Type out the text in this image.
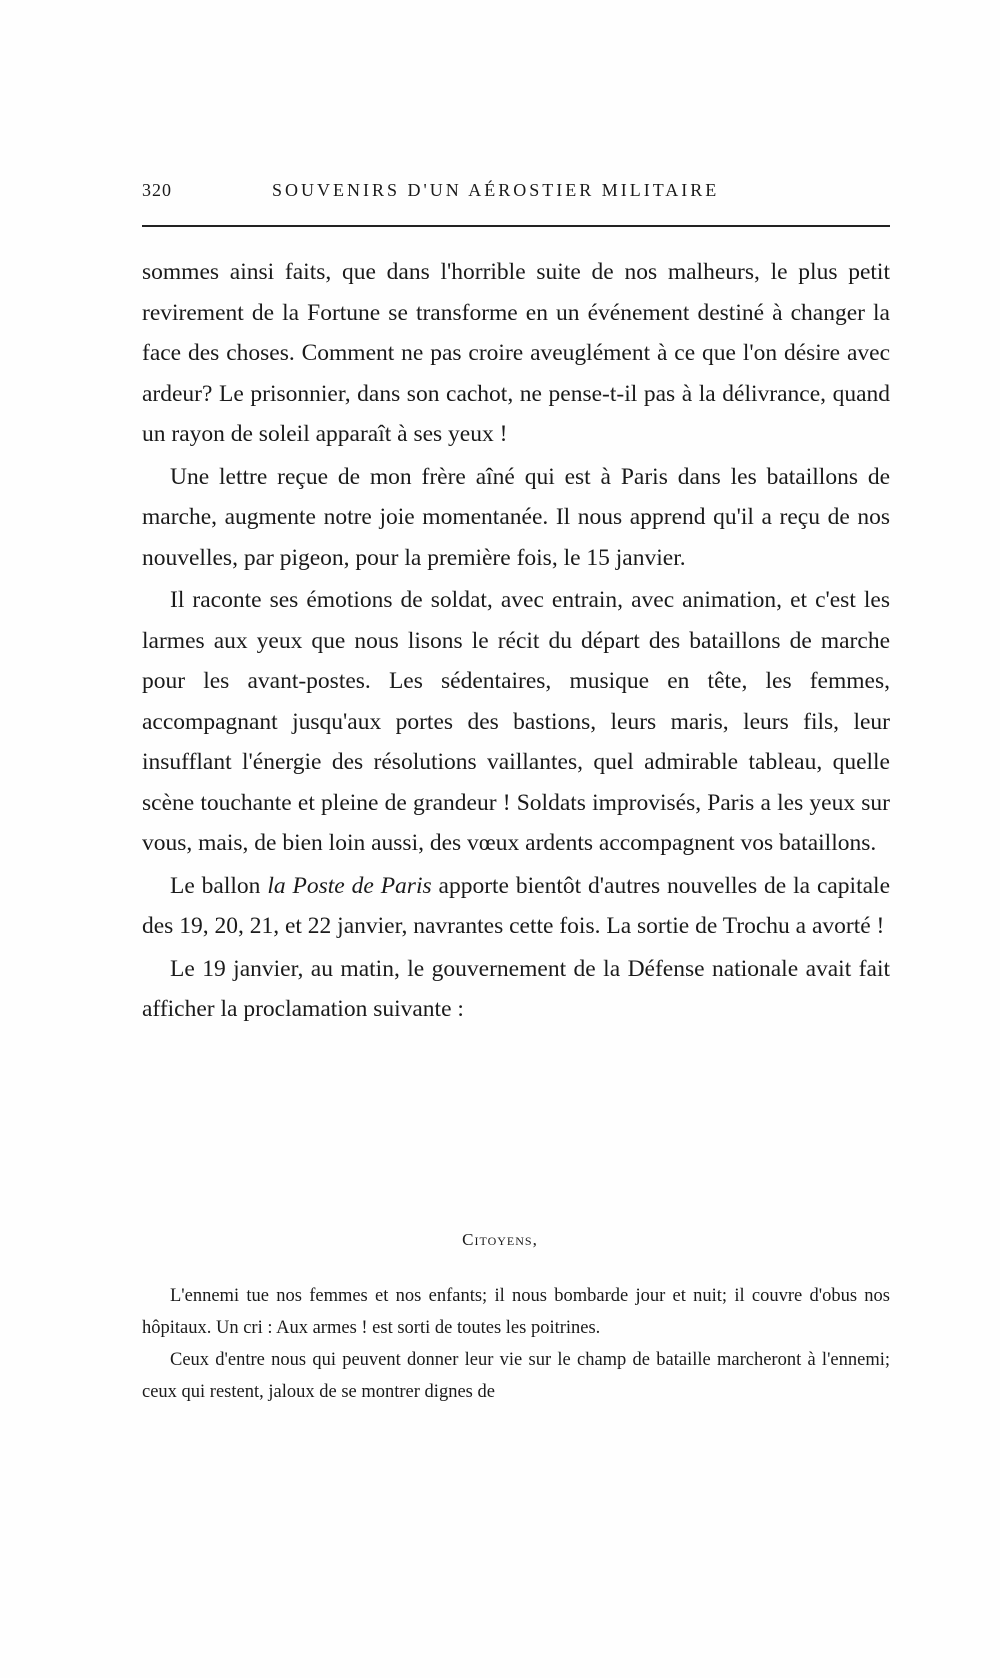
320	SOUVENIRS D'UN AÉROSTIER MILITAIRE

sommes ainsi faits, que dans l'horrible suite de nos malheurs, le plus petit revirement de la Fortune se transforme en un événement destiné à changer la face des choses. Comment ne pas croire aveuglément à ce que l'on désire avec ardeur? Le prisonnier, dans son cachot, ne pense-t-il pas à la délivrance, quand un rayon de soleil apparaît à ses yeux !

Une lettre reçue de mon frère aîné qui est à Paris dans les bataillons de marche, augmente notre joie momentanée. Il nous apprend qu'il a reçu de nos nouvelles, par pigeon, pour la première fois, le 15 janvier.

Il raconte ses émotions de soldat, avec entrain, avec animation, et c'est les larmes aux yeux que nous lisons le récit du départ des bataillons de marche pour les avant-postes. Les sédentaires, musique en tête, les femmes, accompagnant jusqu'aux portes des bastions, leurs maris, leurs fils, leur insufflant l'énergie des résolutions vaillantes, quel admirable tableau, quelle scène touchante et pleine de grandeur ! Soldats improvisés, Paris a les yeux sur vous, mais, de bien loin aussi, des vœux ardents accompagnent vos bataillons.

Le ballon la Poste de Paris apporte bientôt d'autres nouvelles de la capitale des 19, 20, 21, et 22 janvier, navrantes cette fois. La sortie de Trochu a avorté !

Le 19 janvier, au matin, le gouvernement de la Défense nationale avait fait afficher la proclamation suivante :

Citoyens,

L'ennemi tue nos femmes et nos enfants; il nous bombarde jour et nuit; il couvre d'obus nos hôpitaux. Un cri : Aux armes ! est sorti de toutes les poitrines.

Ceux d'entre nous qui peuvent donner leur vie sur le champ de bataille marcheront à l'ennemi; ceux qui restent, jaloux de se montrer dignes de
